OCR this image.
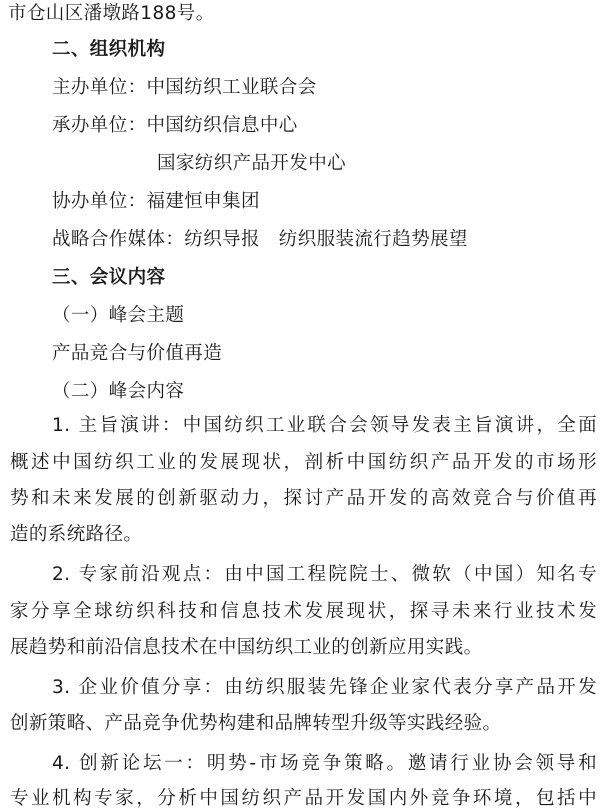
市仓山区潘墩路188号。
二、组织机构
主办单位：中国纺织工业联合会
承办单位：中国纺织信息中心
国家纺织产品开发中心
协办单位：福建恒申集团
战略合作媒体：纺织导报　纺织服装流行趋势展望
三、会议内容
（一）峰会主题
产品竞合与价值再造
（二）峰会内容
1. 主旨演讲：中国纺织工业联合会领导发表主旨演讲，全面
概述中国纺织工业的发展现状，剖析中国纺织产品开发的市场形
势和未来发展的创新驱动力，探讨产品开发的高效竞合与价值再
造的系统路径。
2. 专家前沿观点：由中国工程院院士、微软（中国）知名专
家分享全球纺织科技和信息技术发展现状，探寻未来行业技术发
展趋势和前沿信息技术在中国纺织工业的创新应用实践。
3. 企业价值分享：由纺织服装先锋企业家代表分享产品开发
创新策略、产品竞争优势构建和品牌转型升级等实践经验。
4. 创新论坛一：明势-市场竞争策略。邀请行业协会领导和
专业机构专家，分析中国纺织产品开发国内外竞争环境，包括中
